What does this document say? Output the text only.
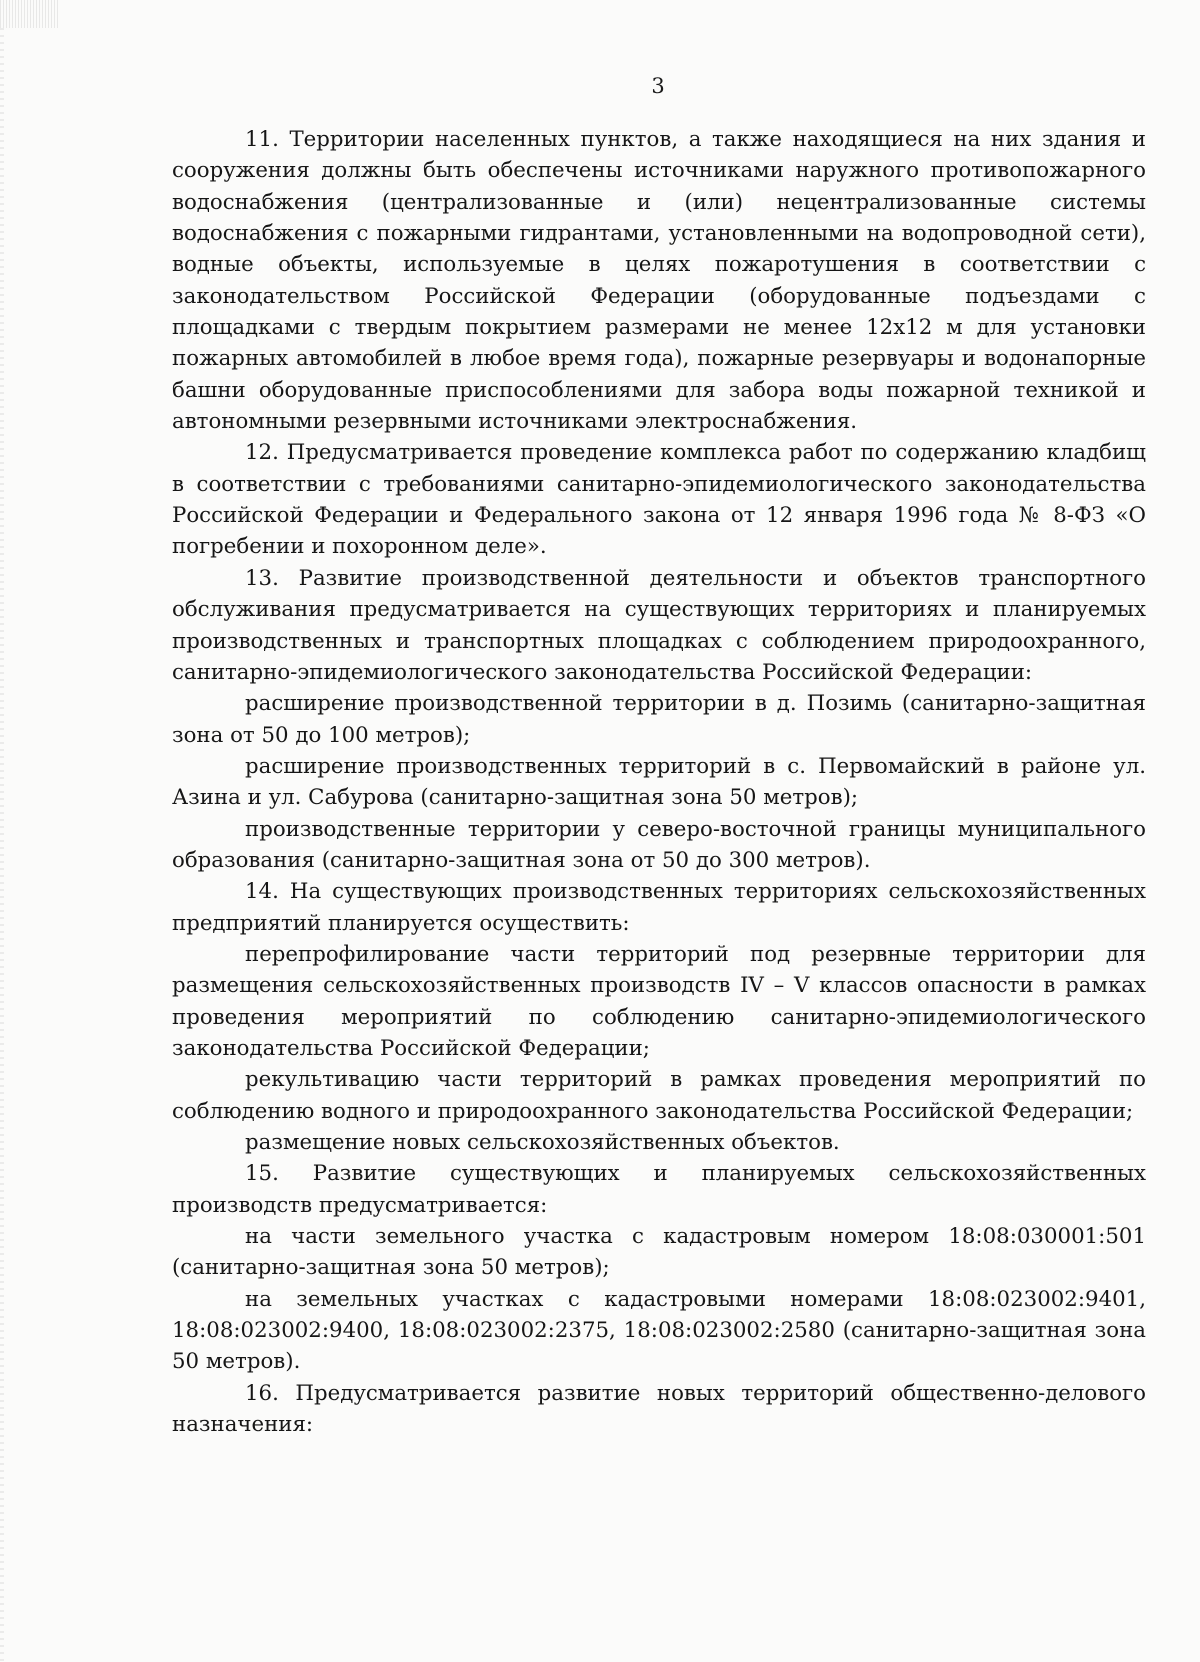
3

11. Территории населенных пунктов, а также находящиеся на них здания и сооружения должны быть обеспечены источниками наружного противопожарного водоснабжения (централизованные и (или) нецентрализованные системы водоснабжения с пожарными гидрантами, установленными на водопроводной сети), водные объекты, используемые в целях пожаротушения в соответствии с законодательством Российской Федерации (оборудованные подъездами с площадками с твердым покрытием размерами не менее 12х12 м для установки пожарных автомобилей в любое время года), пожарные резервуары и водонапорные башни оборудованные приспособлениями для забора воды пожарной техникой и автономными резервными источниками электроснабжения.

12. Предусматривается проведение комплекса работ по содержанию кладбищ в соответствии с требованиями санитарно-эпидемиологического законодательства Российской Федерации и Федерального закона от 12 января 1996 года № 8-ФЗ «О погребении и похоронном деле».

13. Развитие производственной деятельности и объектов транспортного обслуживания предусматривается на существующих территориях и планируемых производственных и транспортных площадках с соблюдением природоохранного, санитарно-эпидемиологического законодательства Российской Федерации:

расширение производственной территории в д. Позимь (санитарно-защитная зона от 50 до 100 метров);

расширение производственных территорий в с. Первомайский в районе ул. Азина и ул. Сабурова (санитарно-защитная зона 50 метров);

производственные территории у северо-восточной границы муниципального образования (санитарно-защитная зона от 50 до 300 метров).

14. На существующих производственных территориях сельскохозяйственных предприятий планируется осуществить:

перепрофилирование части территорий под резервные территории для размещения сельскохозяйственных производств IV – V классов опасности в рамках проведения мероприятий по соблюдению санитарно-эпидемиологического законодательства Российской Федерации;

рекультивацию части территорий в рамках проведения мероприятий по соблюдению водного и природоохранного законодательства Российской Федерации;

размещение новых сельскохозяйственных объектов.

15. Развитие существующих и планируемых сельскохозяйственных производств предусматривается:

на части земельного участка с кадастровым номером 18:08:030001:501 (санитарно-защитная зона 50 метров);

на земельных участках с кадастровыми номерами 18:08:023002:9401, 18:08:023002:9400, 18:08:023002:2375, 18:08:023002:2580 (санитарно-защитная зона 50 метров).

16. Предусматривается развитие новых территорий общественно-делового назначения:
